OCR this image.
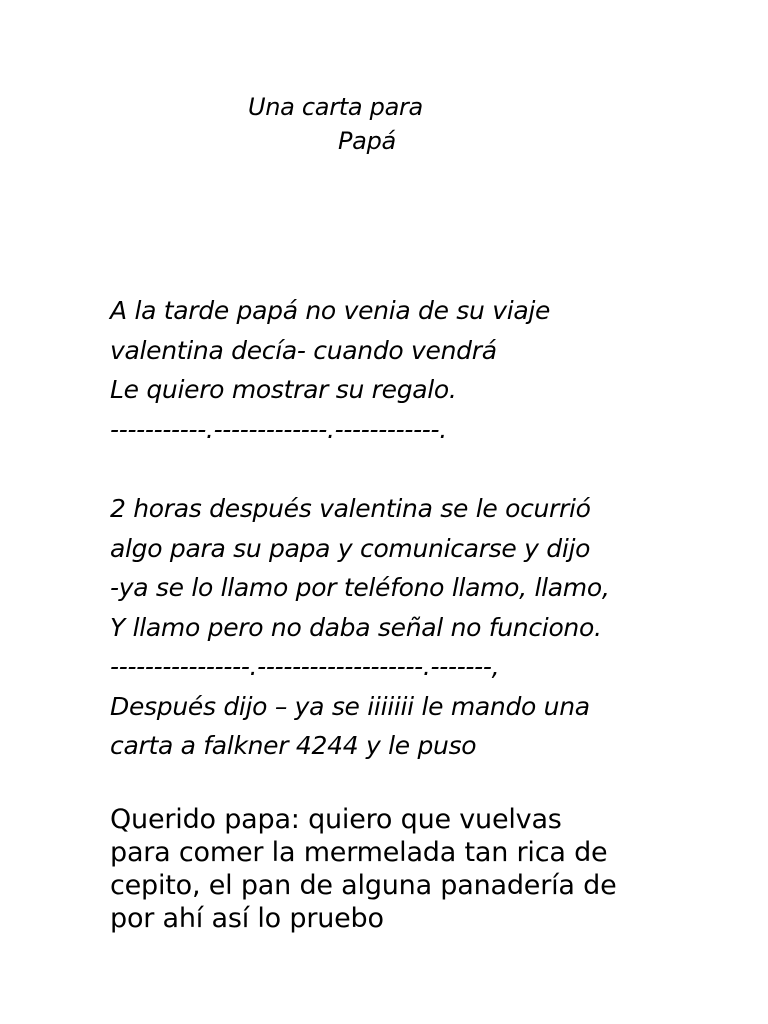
Una carta para
Papá
A la tarde papá no venia de su viaje
valentina decía- cuando vendrá
Le quiero mostrar su regalo.
-----------.-------------.------------.
2 horas después valentina se le ocurrió
algo para su papa y comunicarse y dijo
-ya se lo llamo por teléfono llamo, llamo,
Y llamo pero no daba señal no funciono.
----------------.-------------------.-------,
Después dijo – ya se iiiiiii le mando una
carta a falkner 4244 y le puso
Querido papa: quiero que vuelvas
para comer la mermelada tan rica de
cepito, el pan de alguna panadería de
por ahí así lo pruebo
